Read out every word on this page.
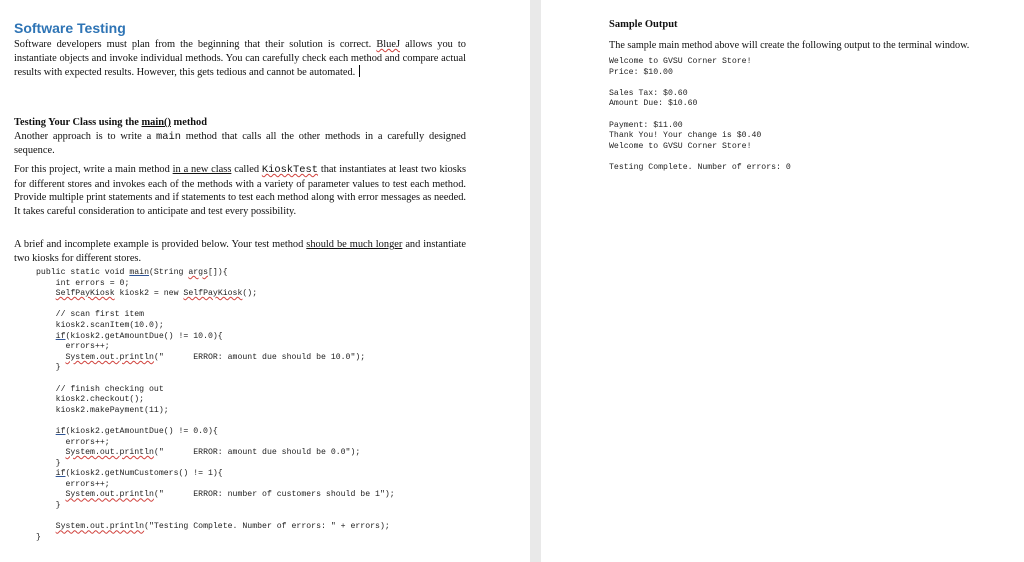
Software Testing
Software developers must plan from the beginning that their solution is correct. BlueJ allows you to instantiate objects and invoke individual methods. You can carefully check each method and compare actual results with expected results. However, this gets tedious and cannot be automated.
Testing Your Class using the main() method
Another approach is to write a main method that calls all the other methods in a carefully designed sequence.
For this project, write a main method in a new class called KioskTest that instantiates at least two kiosks for different stores and invokes each of the methods with a variety of parameter values to test each method. Provide multiple print statements and if statements to test each method along with error messages as needed. It takes careful consideration to anticipate and test every possibility.
A brief and incomplete example is provided below. Your test method should be much longer and instantiate two kiosks for different stores.
public static void main(String args[]){
int errors = 0;
SelfPayKiosk kiosk2 = new SelfPayKiosk();

// scan first item
kiosk2.scanItem(10.0);
if(kiosk2.getAmountDue() != 10.0){
errors++;
System.out.println("      ERROR: amount due should be 10.0");
}

// finish checking out
kiosk2.checkout();
kiosk2.makePayment(11);

if(kiosk2.getAmountDue() != 0.0){
errors++;
System.out.println("      ERROR: amount due should be 0.0");
}
if(kiosk2.getNumCustomers() != 1){
errors++;
System.out.println("      ERROR: number of customers should be 1");
}

System.out.println("Testing Complete. Number of errors: " + errors);
}
Sample Output
The sample main method above will create the following output to the terminal window.
Welcome to GVSU Corner Store!
Price: $10.00

Sales Tax: $0.60
Amount Due: $10.60

Payment: $11.00
Thank You! Your change is $0.40
Welcome to GVSU Corner Store!

Testing Complete. Number of errors: 0
